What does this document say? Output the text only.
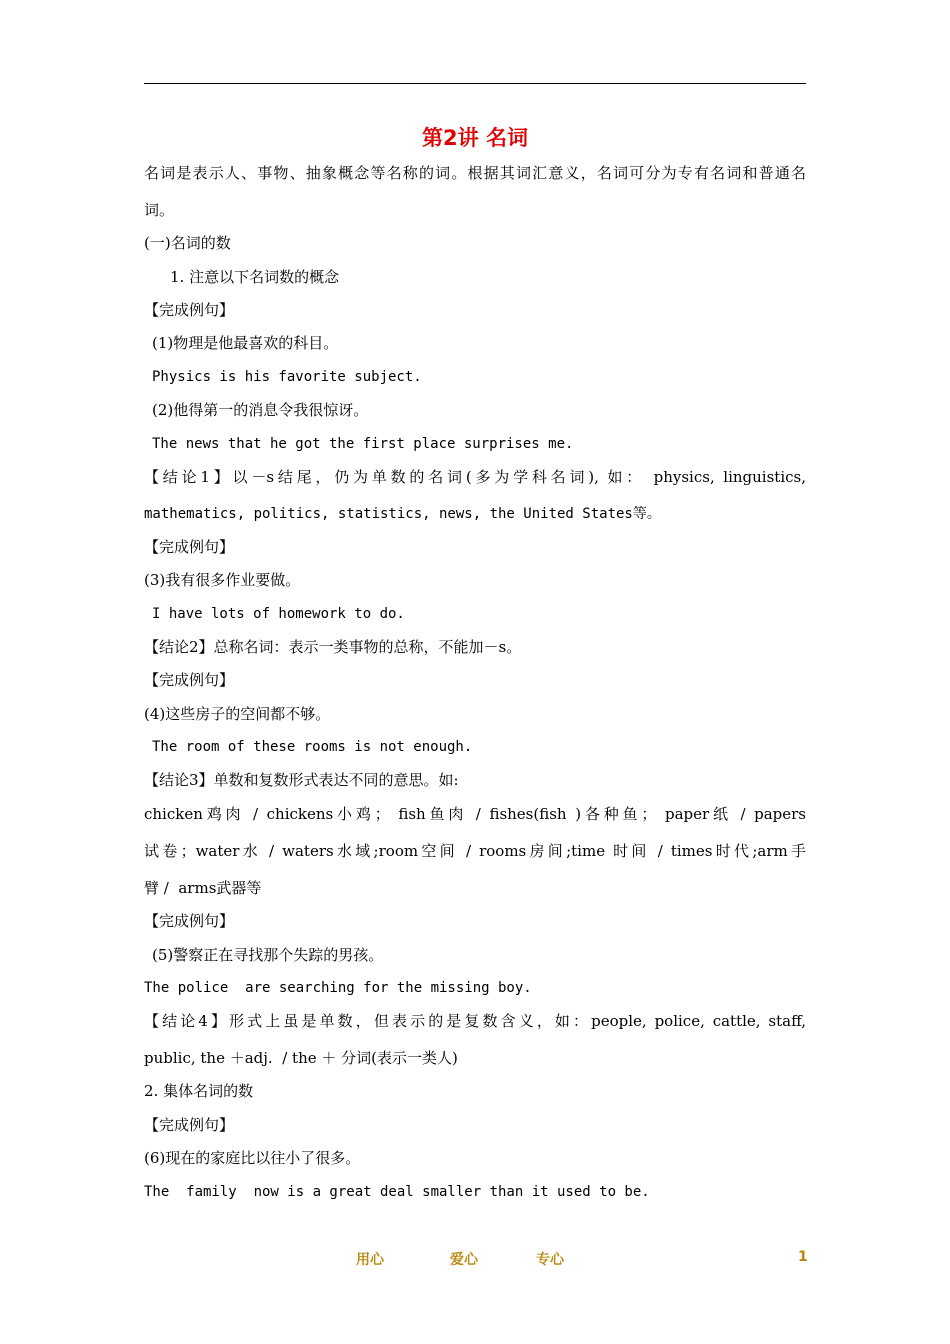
第2讲 名词
名词是表示人、事物、抽象概念等名称的词。根据其词汇意义，名词可分为专有名词和普通名
词。
(一)名词的数
1. 注意以下名词数的概念
【完成例句】
(1)物理是他最喜欢的科目。
Physics is his favorite subject.
(2)他得第一的消息令我很惊讶。
The news that he got the first place surprises me.
【结论1】以－s结尾，仍为单数的名词(多为学科名词), 如： physics, linguistics,
mathematics, politics, statistics, news, the United States等。
【完成例句】
(3)我有很多作业要做。
I have lots of homework to do.
【结论2】总称名词：表示一类事物的总称，不能加－s。
【完成例句】
(4)这些房子的空间都不够。
The room of these rooms is not enough.
【结论3】单数和复数形式表达不同的意思。如:
chicken鸡肉 / chickens小鸡； fish鱼肉 / fishes(fish )各种鱼； paper纸 / papers
试卷；water水 / waters水域;room空间 / rooms房间;time 时间 / times时代;arm手
臂 /  arms武器等
【完成例句】
(5)警察正在寻找那个失踪的男孩。
The police  are searching for the missing boy.
【结论4】形式上虽是单数，但表示的是复数含义，如：people, police, cattle, staff,
public, the ＋adj.  / the ＋ 分词(表示一类人)
2. 集体名词的数
【完成例句】
(6)现在的家庭比以往小了很多。
The  family  now is a great deal smaller than it used to be.
用心	爱心	专心	1
